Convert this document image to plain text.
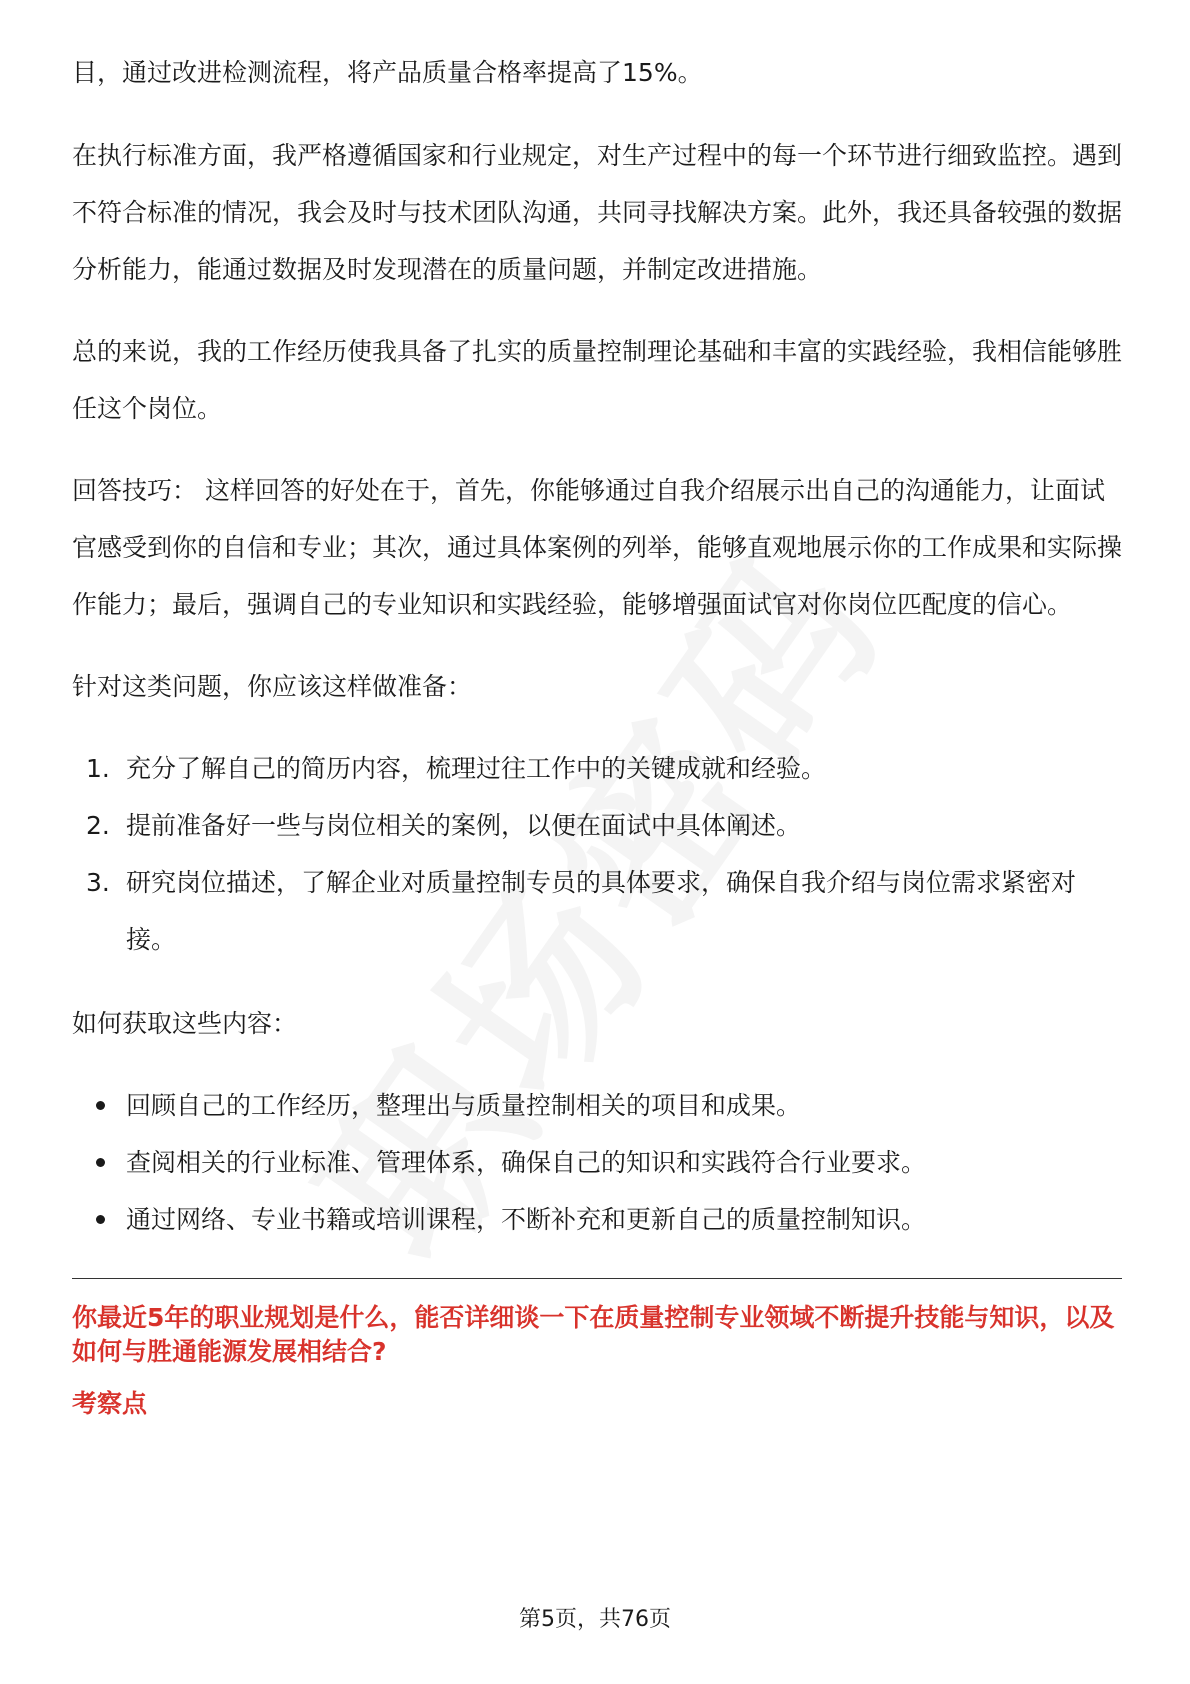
目，通过改进检测流程，将产品质量合格率提高了15%。

在执行标准方面，我严格遵循国家和行业规定，对生产过程中的每一个环节进行细致监控。遇到不符合标准的情况，我会及时与技术团队沟通，共同寻找解决方案。此外，我还具备较强的数据分析能力，能通过数据及时发现潜在的质量问题，并制定改进措施。

总的来说，我的工作经历使我具备了扎实的质量控制理论基础和丰富的实践经验，我相信能够胜任这个岗位。

回答技巧： 这样回答的好处在于，首先，你能够通过自我介绍展示出自己的沟通能力，让面试官感受到你的自信和专业；其次，通过具体案例的列举，能够直观地展示你的工作成果和实际操作能力；最后，强调自己的专业知识和实践经验，能够增强面试官对你岗位匹配度的信心。

针对这类问题，你应该这样做准备：

1. 充分了解自己的简历内容，梳理过往工作中的关键成就和经验。
2. 提前准备好一些与岗位相关的案例，以便在面试中具体阐述。
3. 研究岗位描述，了解企业对质量控制专员的具体要求，确保自我介绍与岗位需求紧密对接。

如何获取这些内容：

回顾自己的工作经历，整理出与质量控制相关的项目和成果。
查阅相关的行业标准、管理体系，确保自己的知识和实践符合行业要求。
通过网络、专业书籍或培训课程，不断补充和更新自己的质量控制知识。

你最近5年的职业规划是什么，能否详细谈一下在质量控制专业领域不断提升技能与知识，以及如何与胜通能源发展相结合?

考察点

第5页，共76页
